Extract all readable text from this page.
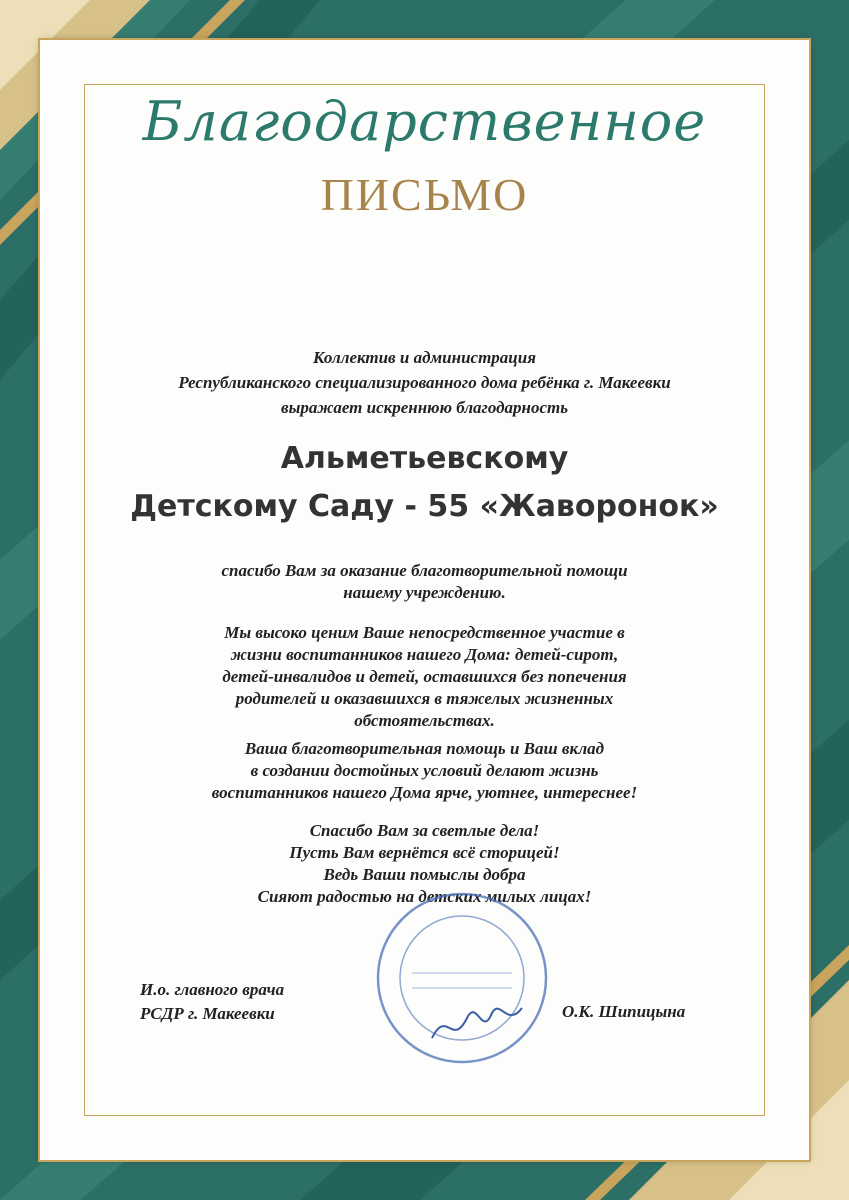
Благодарственное
ПИСЬМО
Коллектив и администрация
Республиканского специализированного дома ребёнка г. Макеевки
выражает искреннюю благодарность
Альметьевскому
Детскому Саду - 55 «Жаворонок»
спасибо Вам за оказание благотворительной помощи
нашему учреждению.
Мы высоко ценим Ваше непосредственное участие в
жизни воспитанников нашего Дома: детей-сирот,
детей-инвалидов и детей, оставшихся без попечения
родителей и оказавшихся в тяжелых жизненных
обстоятельствах.
Ваша благотворительная помощь и Ваш вклад
в создании достойных условий делают жизнь
воспитанников нашего Дома ярче, уютнее, интереснее!
Спасибо Вам за светлые дела!
Пусть Вам вернётся всё сторицей!
Ведь Ваши помыслы добра
Сияют радостью на детских милых лицах!
И.о. главного врача
РСДР г. Макеевки	О.К. Шипицына
